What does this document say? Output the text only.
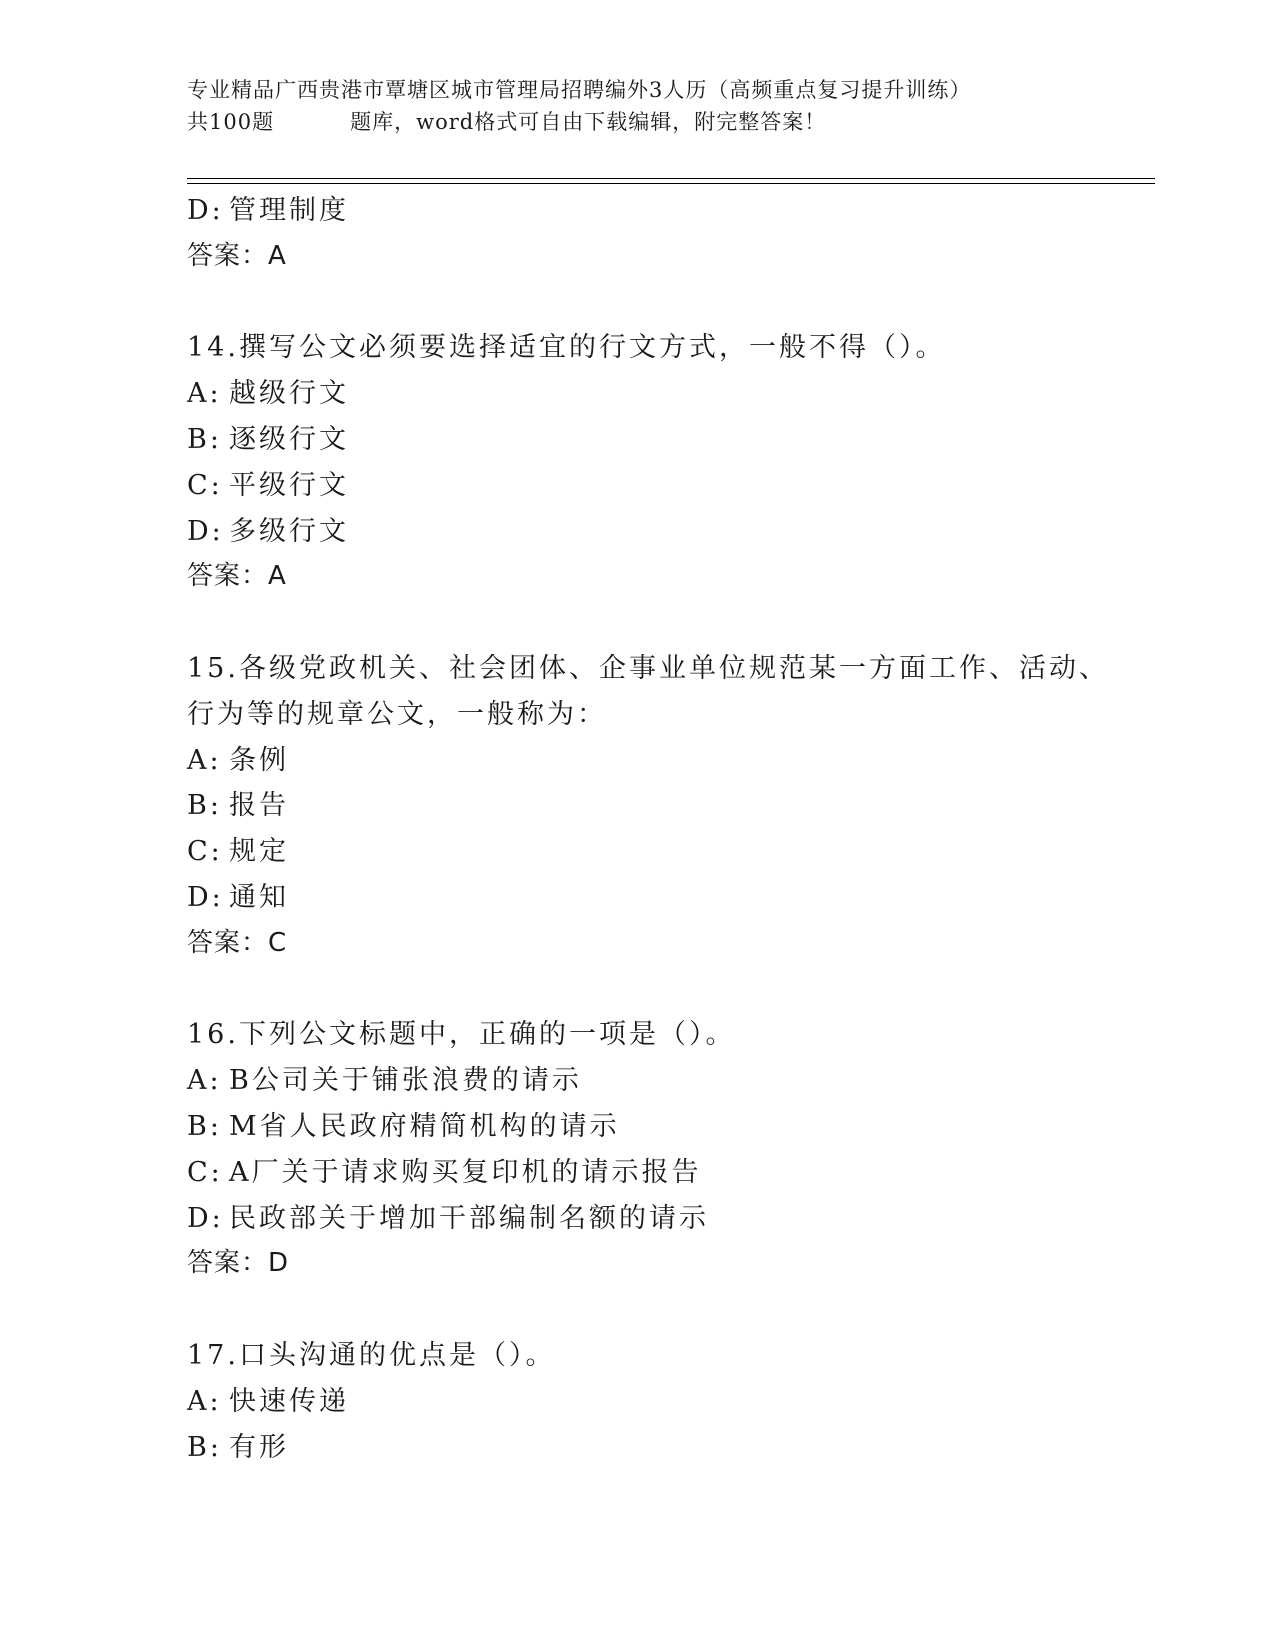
专业精品广西贵港市覃塘区城市管理局招聘编外3人历（高频重点复习提升训练）
共100题	题库，word格式可自由下载编辑，附完整答案！
D: 管理制度
答案：A
14.撰写公文必须要选择适宜的行文方式，一般不得（）。
A: 越级行文
B: 逐级行文
C: 平级行文
D: 多级行文
答案：A
15.各级党政机关、社会团体、企事业单位规范某一方面工作、活动、
行为等的规章公文，一般称为：
A: 条例
B: 报告
C: 规定
D: 通知
答案：C
16.下列公文标题中，正确的一项是（）。
A: B公司关于铺张浪费的请示
B: M省人民政府精简机构的请示
C: A厂关于请求购买复印机的请示报告
D: 民政部关于增加干部编制名额的请示
答案：D
17.口头沟通的优点是（）。
A: 快速传递
B: 有形
